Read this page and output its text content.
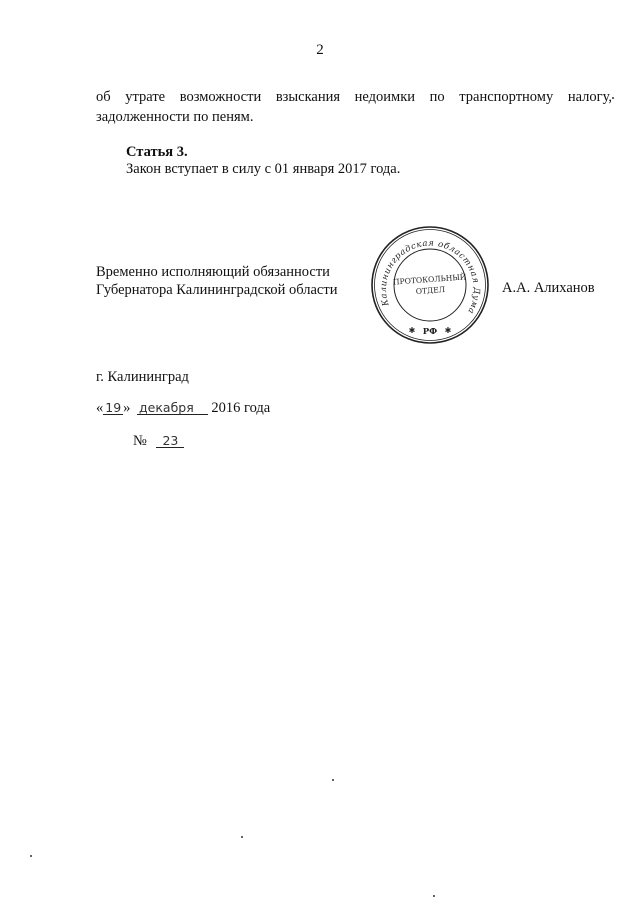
2
об утрате возможности взыскания недоимки по транспортному налогу,
задолженности по пеням.
Статья 3.
Закон вступает в силу с 01 января 2017 года.
Временно исполняющий обязанности
Губернатора Калининградской области
Калининградская областная Дума
ПРОТОКОЛЬНЫЙ
ОТДЕЛ
РФ
✱	✱
А.А. Алиханов
г. Калининград
« 19 » декабря 2016 года
№ 23
